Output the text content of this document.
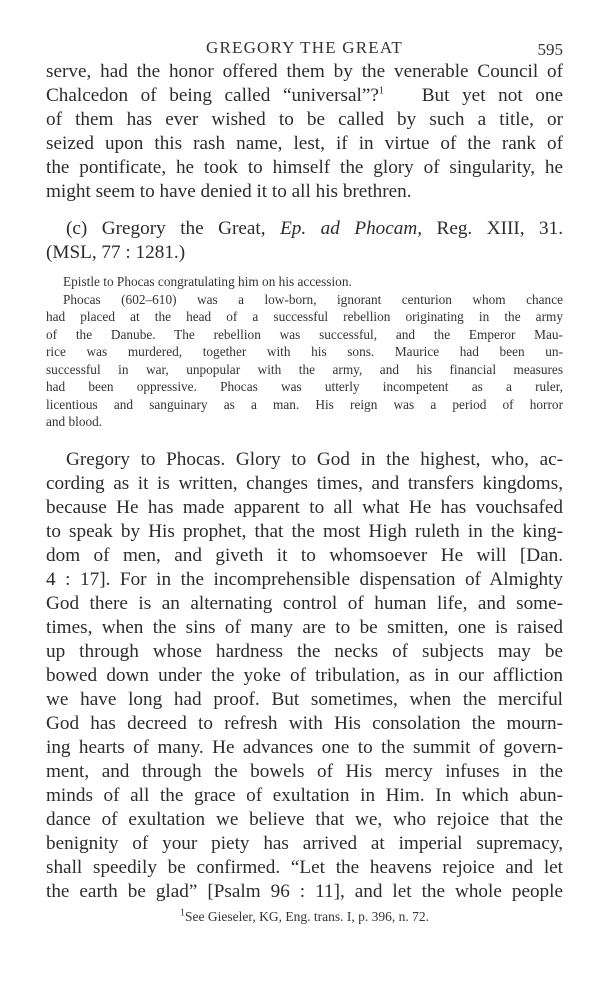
GREGORY THE GREAT	595
serve, had the honor offered them by the venerable Council of
Chalcedon of being called “universal”?$^1$ But yet not one
of them has ever wished to be called by such a title, or
seized upon this rash name, lest, if in virtue of the rank of
the pontificate, he took to himself the glory of singularity, he
might seem to have denied it to all his brethren.
(c) Gregory the Great, Ep. ad Phocam, Reg. XIII, 31.
(MSL, 77 : 1281.)
Epistle to Phocas congratulating him on his accession.
Phocas (602–610) was a low-born, ignorant centurion whom chance
had placed at the head of a successful rebellion originating in the army
of the Danube. The rebellion was successful, and the Emperor Mau-
rice was murdered, together with his sons. Maurice had been un-
successful in war, unpopular with the army, and his financial measures
had been oppressive. Phocas was utterly incompetent as a ruler,
licentious and sanguinary as a man. His reign was a period of horror
and blood.
Gregory to Phocas. Glory to God in the highest, who, ac-
cording as it is written, changes times, and transfers kingdoms,
because He has made apparent to all what He has vouchsafed
to speak by His prophet, that the most High ruleth in the king-
dom of men, and giveth it to whomsoever He will [Dan.
4 : 17]. For in the incomprehensible dispensation of Almighty
God there is an alternating control of human life, and some-
times, when the sins of many are to be smitten, one is raised
up through whose hardness the necks of subjects may be
bowed down under the yoke of tribulation, as in our affliction
we have long had proof. But sometimes, when the merciful
God has decreed to refresh with His consolation the mourn-
ing hearts of many. He advances one to the summit of govern-
ment, and through the bowels of His mercy infuses in the
minds of all the grace of exultation in Him. In which abun-
dance of exultation we believe that we, who rejoice that the
benignity of your piety has arrived at imperial supremacy,
shall speedily be confirmed. “Let the heavens rejoice and let
the earth be glad” [Psalm 96 : 11], and let the whole people
$^1$See Gieseler, KG, Eng. trans. I, p. 396, n. 72.
